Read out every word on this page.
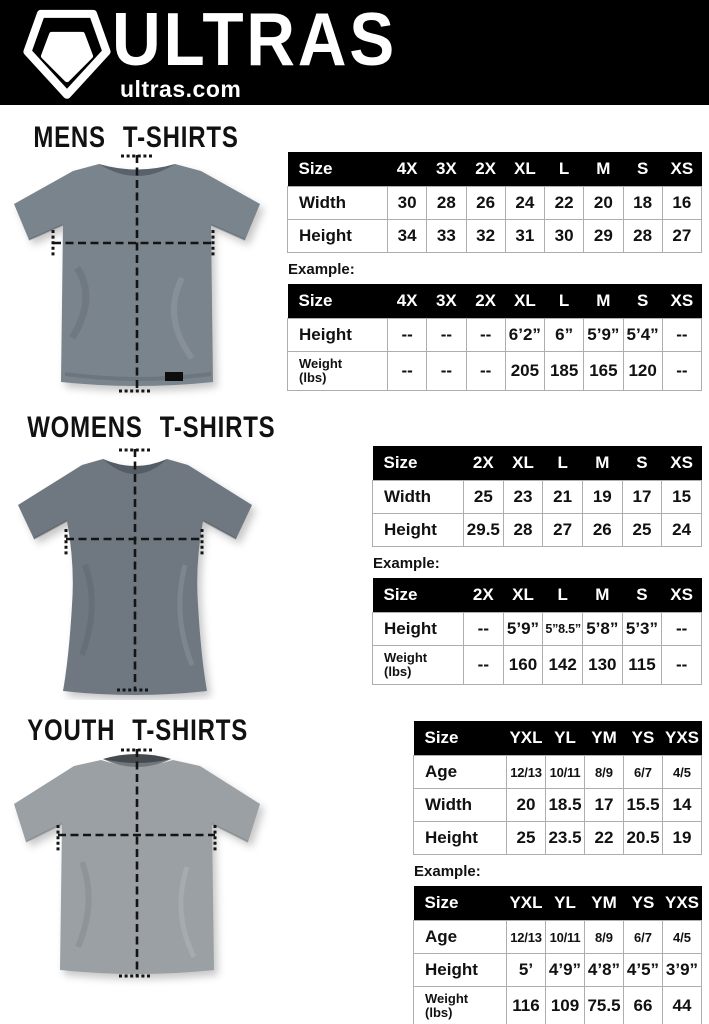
ULTRAS
ultras.com
MENS T-SHIRTS
Size	4X	3X	2X	XL	L	M	S	XS
Width	30	28	26	24	22	20	18	16
Height	34	33	32	31	30	29	28	27
Example:
Size	4X	3X	2X	XL	L	M	S	XS
Height	--	--	--	6’2”	6”	5’9”	5’4”	--
Weight
(lbs)	--	--	--	205	185	165	120	--
WOMENS T-SHIRTS
Size	2X	XL	L	M	S	XS
Width	25	23	21	19	17	15
Height	29.5	28	27	26	25	24
Example:
Size	2X	XL	L	M	S	XS
Height	--	5’9”	5”8.5”	5’8”	5’3”	--
Weight
(lbs)	--	160	142	130	115	--
YOUTH T-SHIRTS	Size	YXL	YL	YM	YS	YXS
Age	12/13	10/11	8/9	6/7	4/5
Width	20	18.5	17	15.5	14
Height	25	23.5	22	20.5	19
Example:
Size	YXL	YL	YM	YS	YXS
Age	12/13	10/11	8/9	6/7	4/5
Height	5’	4’9”	4’8”	4’5”	3’9”
Weight
(lbs)	116	109	75.5	66	44
